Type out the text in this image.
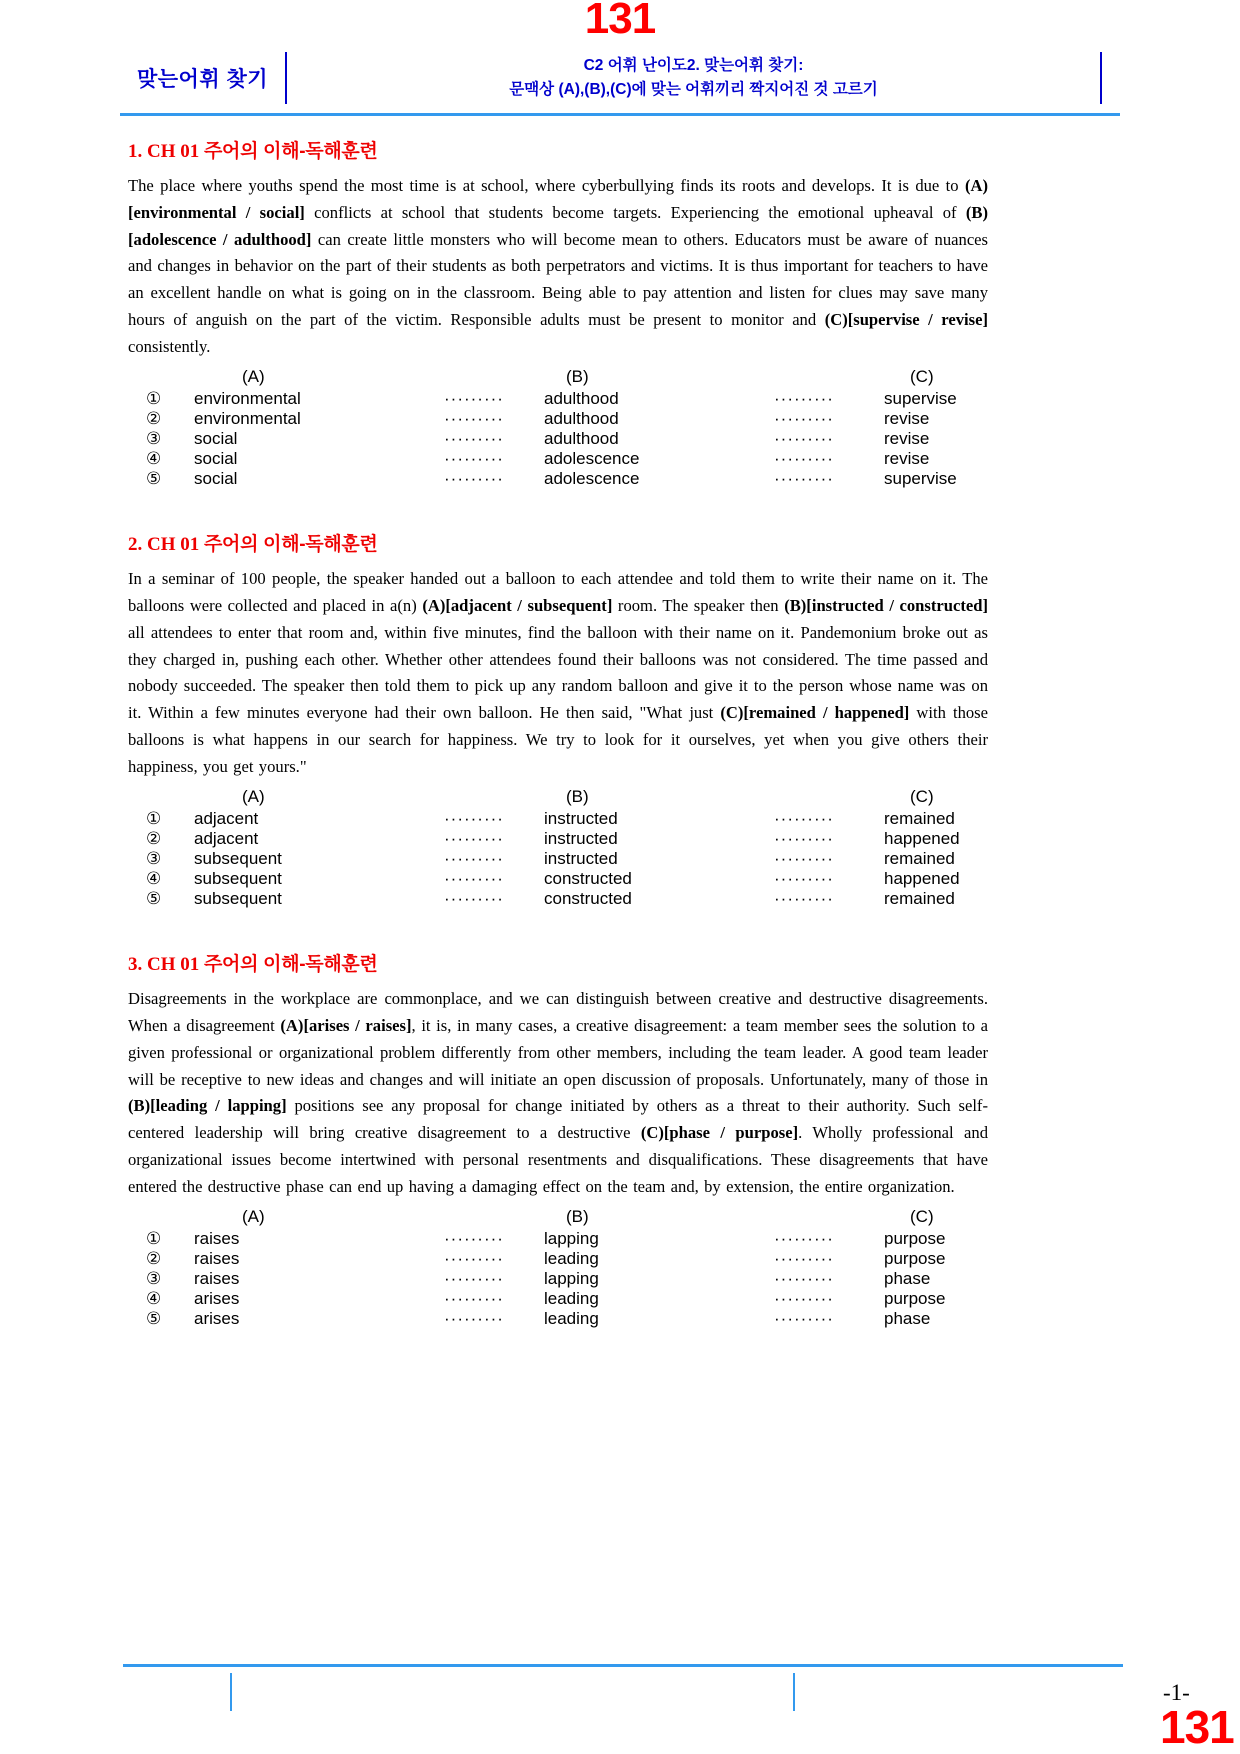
131
맞는어휘 찾기
C2 어휘 난이도2. 맞는어휘 찾기:
문맥상 (A),(B),(C)에 맞는 어휘끼리 짝지어진 것 고르기
1. CH 01 주어의 이해-독해훈련

The place where youths spend the most time is at school, where cyberbullying finds its roots and develops. It is due to (A)[environmental / social] conflicts at school that students become targets. Experiencing the emotional upheaval of (B)[adolescence / adulthood] can create little monsters who will become mean to others. Educators must be aware of nuances and changes in behavior on the part of their students as both perpetrators and victims. It is thus important for teachers to have an excellent handle on what is going on in the classroom. Being able to pay attention and listen for clues may save many hours of anguish on the part of the victim. Responsible adults must be present to monitor and (C)[supervise / revise] consistently.

(A)	(B)	(C)
①	environmental	·········	adulthood	·········	supervise
②	environmental	·········	adulthood	·········	revise
③	social	·········	adulthood	·········	revise
④	social	·········	adolescence	·········	revise
⑤	social	·········	adolescence	·········	supervise
2. CH 01 주어의 이해-독해훈련

In a seminar of 100 people, the speaker handed out a balloon to each attendee and told them to write their name on it. The balloons were collected and placed in a(n) (A)[adjacent / subsequent] room. The speaker then (B)[instructed / constructed] all attendees to enter that room and, within five minutes, find the balloon with their name on it. Pandemonium broke out as they charged in, pushing each other. Whether other attendees found their balloons was not considered. The time passed and nobody succeeded. The speaker then told them to pick up any random balloon and give it to the person whose name was on it. Within a few minutes everyone had their own balloon. He then said, "What just (C)[remained / happened] with those balloons is what happens in our search for happiness. We try to look for it ourselves, yet when you give others their happiness, you get yours."

(A)	(B)	(C)
①	adjacent	·········	instructed	·········	remained
②	adjacent	·········	instructed	·········	happened
③	subsequent	·········	instructed	·········	remained
④	subsequent	·········	constructed	·········	happened
⑤	subsequent	·········	constructed	·········	remained
3. CH 01 주어의 이해-독해훈련

Disagreements in the workplace are commonplace, and we can distinguish between creative and destructive disagreements. When a disagreement (A)[arises / raises], it is, in many cases, a creative disagreement: a team member sees the solution to a given professional or organizational problem differently from other members, including the team leader. A good team leader will be receptive to new ideas and changes and will initiate an open discussion of proposals. Unfortunately, many of those in (B)[leading / lapping] positions see any proposal for change initiated by others as a threat to their authority. Such self-centered leadership will bring creative disagreement to a destructive (C)[phase / purpose]. Wholly professional and organizational issues become intertwined with personal resentments and disqualifications. These disagreements that have entered the destructive phase can end up having a damaging effect on the team and, by extension, the entire organization.

(A)	(B)	(C)
①	raises	·········	lapping	·········	purpose
②	raises	·········	leading	·········	purpose
③	raises	·········	lapping	·········	phase
④	arises	·········	leading	·········	purpose
⑤	arises	·········	leading	·········	phase
-1-
131
